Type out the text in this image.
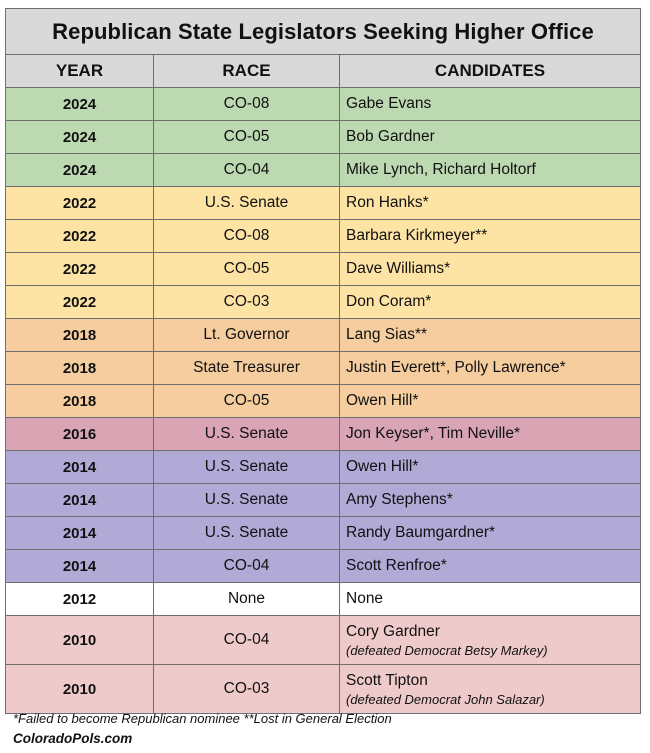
Republican State Legislators Seeking Higher Office		
YEAR	RACE	CANDIDATES
2024	CO-08	Gabe Evans
2024	CO-05	Bob Gardner
2024	CO-04	Mike Lynch, Richard Holtorf
2022	U.S. Senate	Ron Hanks*
2022	CO-08	Barbara Kirkmeyer**
2022	CO-05	Dave Williams*
2022	CO-03	Don Coram*
2018	Lt. Governor	Lang Sias**
2018	State Treasurer	Justin Everett*, Polly Lawrence*
2018	CO-05	Owen Hill*
2016	U.S. Senate	Jon Keyser*, Tim Neville*
2014	U.S. Senate	Owen Hill*
2014	U.S. Senate	Amy Stephens*
2014	U.S. Senate	Randy Baumgardner*
2014	CO-04	Scott Renfroe*
2012	None	None
2010	CO-04	Cory Gardner
(defeated Democrat Betsy Markey)

2010	CO-03	Scott Tipton
(defeated Democrat John Salazar)
*Failed to become Republican nominee **Lost in General Election
ColoradoPols.com
